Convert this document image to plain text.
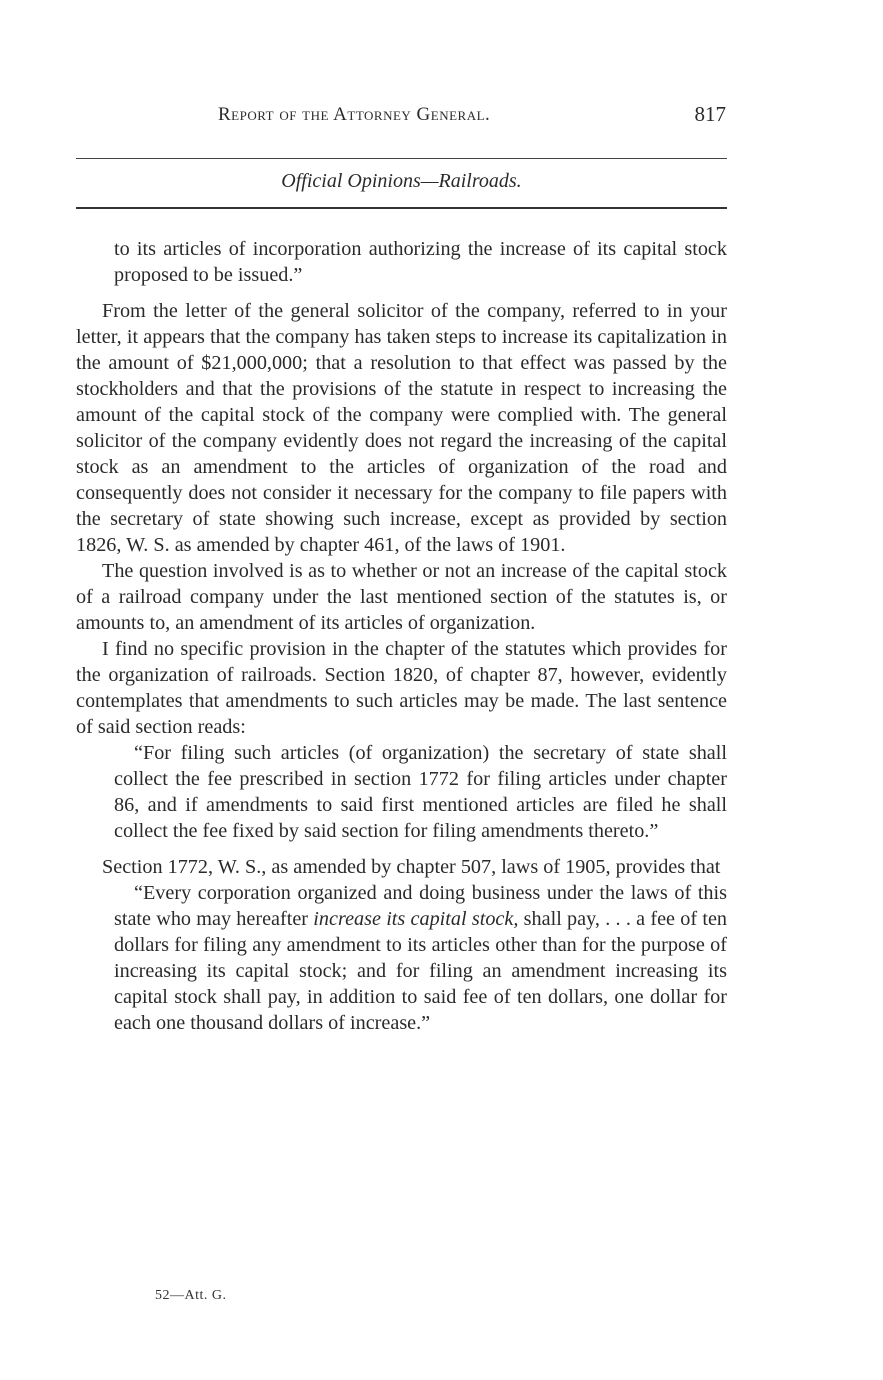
Report of the Attorney General.	817
Official Opinions—Railroads.

to its articles of incorporation authorizing the increase of its capital stock proposed to be issued.”

From the letter of the general solicitor of the company, referred to in your letter, it appears that the company has taken steps to increase its capitalization in the amount of $21,000,000; that a resolution to that effect was passed by the stockholders and that the provisions of the statute in respect to increasing the amount of the capital stock of the company were complied with. The general solicitor of the company evidently does not regard the increasing of the capital stock as an amendment to the articles of organization of the road and consequently does not consider it necessary for the company to file papers with the secretary of state showing such increase, except as provided by section 1826, W. S. as amended by chapter 461, of the laws of 1901.

The question involved is as to whether or not an increase of the capital stock of a railroad company under the last mentioned section of the statutes is, or amounts to, an amendment of its articles of organization.

I find no specific provision in the chapter of the statutes which provides for the organization of railroads. Section 1820, of chapter 87, however, evidently contemplates that amendments to such articles may be made. The last sentence of said section reads:

“For filing such articles (of organization) the secretary of state shall collect the fee prescribed in section 1772 for filing articles under chapter 86, and if amendments to said first mentioned articles are filed he shall collect the fee fixed by said section for filing amendments thereto.”

Section 1772, W. S., as amended by chapter 507, laws of 1905, provides that

“Every corporation organized and doing business under the laws of this state who may hereafter increase its capital stock, shall pay, . . . a fee of ten dollars for filing any amendment to its articles other than for the purpose of increasing its capital stock; and for filing an amendment increasing its capital stock shall pay, in addition to said fee of ten dollars, one dollar for each one thousand dollars of increase.”

52—Att. G.
